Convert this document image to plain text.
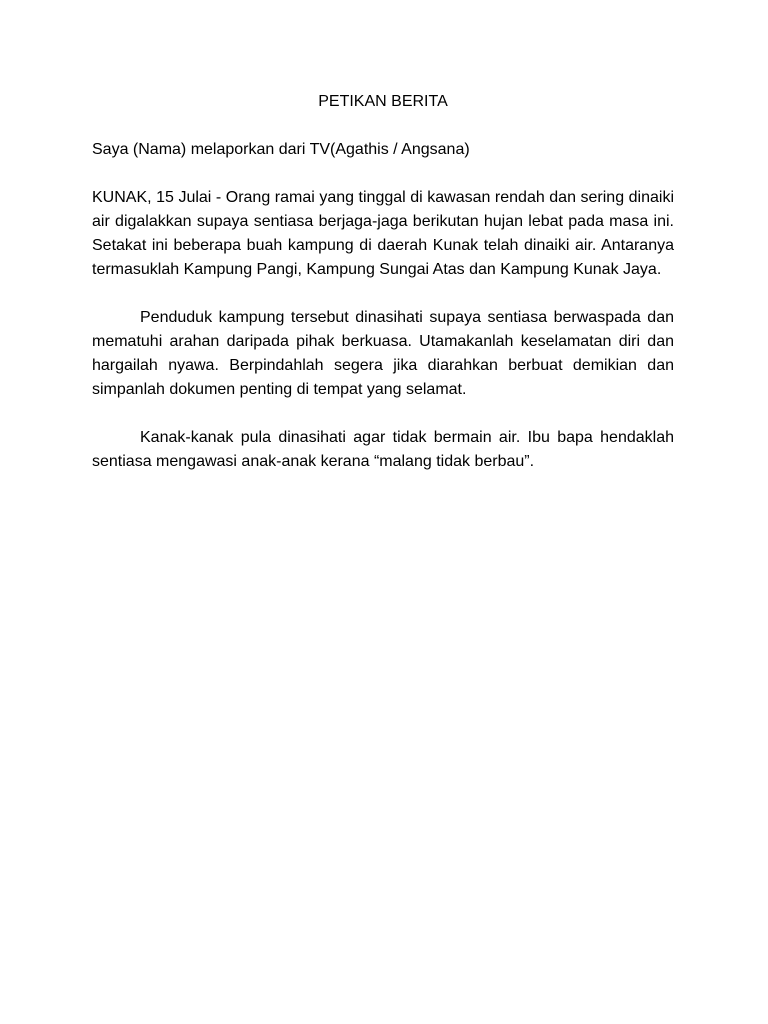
PETIKAN BERITA
Saya (Nama) melaporkan dari TV(Agathis / Angsana)

KUNAK, 15 Julai - Orang ramai yang tinggal di kawasan rendah dan sering dinaiki air digalakkan supaya sentiasa berjaga-jaga berikutan hujan lebat pada masa ini. Setakat ini beberapa buah kampung di daerah Kunak telah dinaiki air. Antaranya termasuklah Kampung Pangi, Kampung Sungai Atas dan Kampung Kunak Jaya.

Penduduk kampung tersebut dinasihati supaya sentiasa berwaspada dan mematuhi arahan daripada pihak berkuasa. Utamakanlah keselamatan diri dan hargailah nyawa. Berpindahlah segera jika diarahkan berbuat demikian dan simpanlah dokumen penting di tempat yang selamat.

Kanak-kanak pula dinasihati agar tidak bermain air. Ibu bapa hendaklah sentiasa mengawasi anak-anak kerana “malang tidak berbau”.
